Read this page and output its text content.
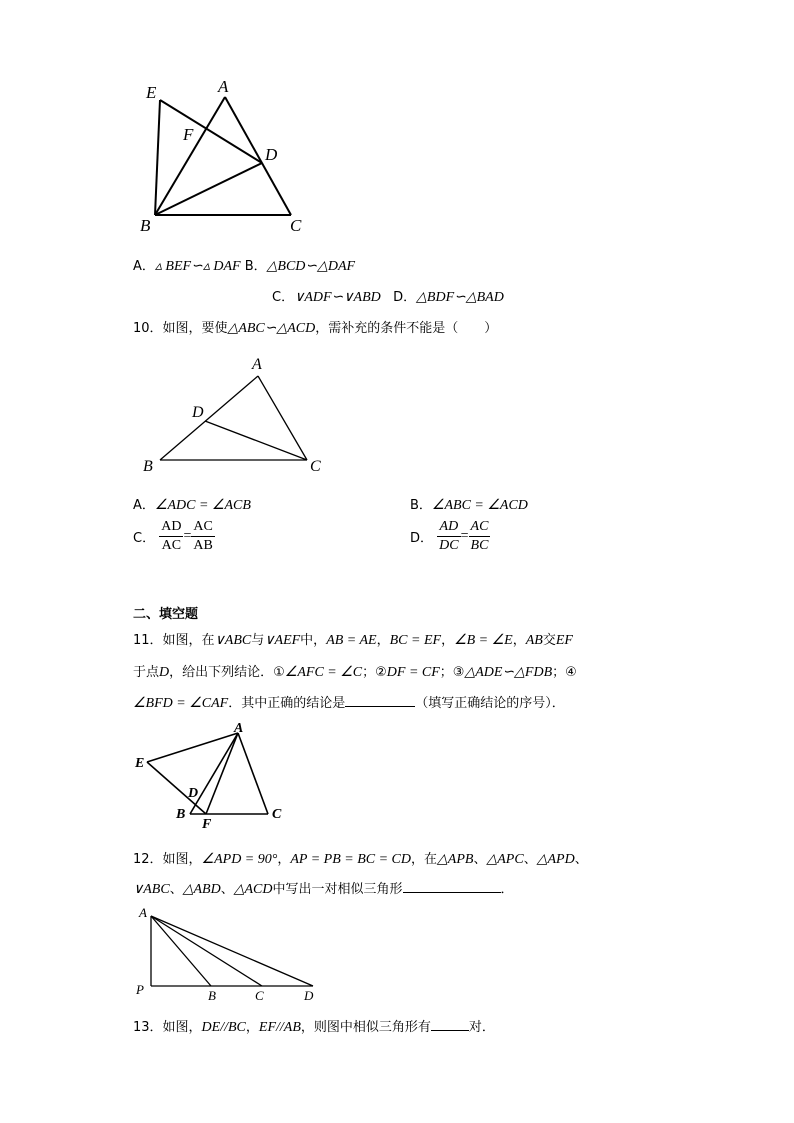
E	A
F
D
B	C
A．▵ BEF∽▵ DAF B．△BCD∽△DAF
C．∨ADF∽∨ABD D．△BDF∽△BAD
10．如图，要使△ABC∽△ACD，需补充的条件不能是（　　）
A
D
B	C
A．∠ADC = ∠ACB	B．∠ABC = ∠ACD
C． $\frac{AD}{AC} = \frac{AC}{AB}$	D． $\frac{AD}{DC} = \frac{AC}{BC}$
二、填空题
11．如图，在∨ABC与∨AEF中，AB = AE，BC = EF，∠B = ∠E，AB交EF
于点D，给出下列结论．①∠AFC = ∠C；②DF = CF；③△ADE∽△FDB；④
∠BFD = ∠CAF．其中正确的结论是	（填写正确结论的序号）．
A
E
D
B
F
C
12．如图，∠APD = 90°，AP = PB = BC = CD，在△APB、△APC、△APD、
∨ABC、△ABD、△ACD中写出一对相似三角形	．
A
P	B	C	D
13．如图，DE//BC，EF//AB，则图中相似三角形有	对．
